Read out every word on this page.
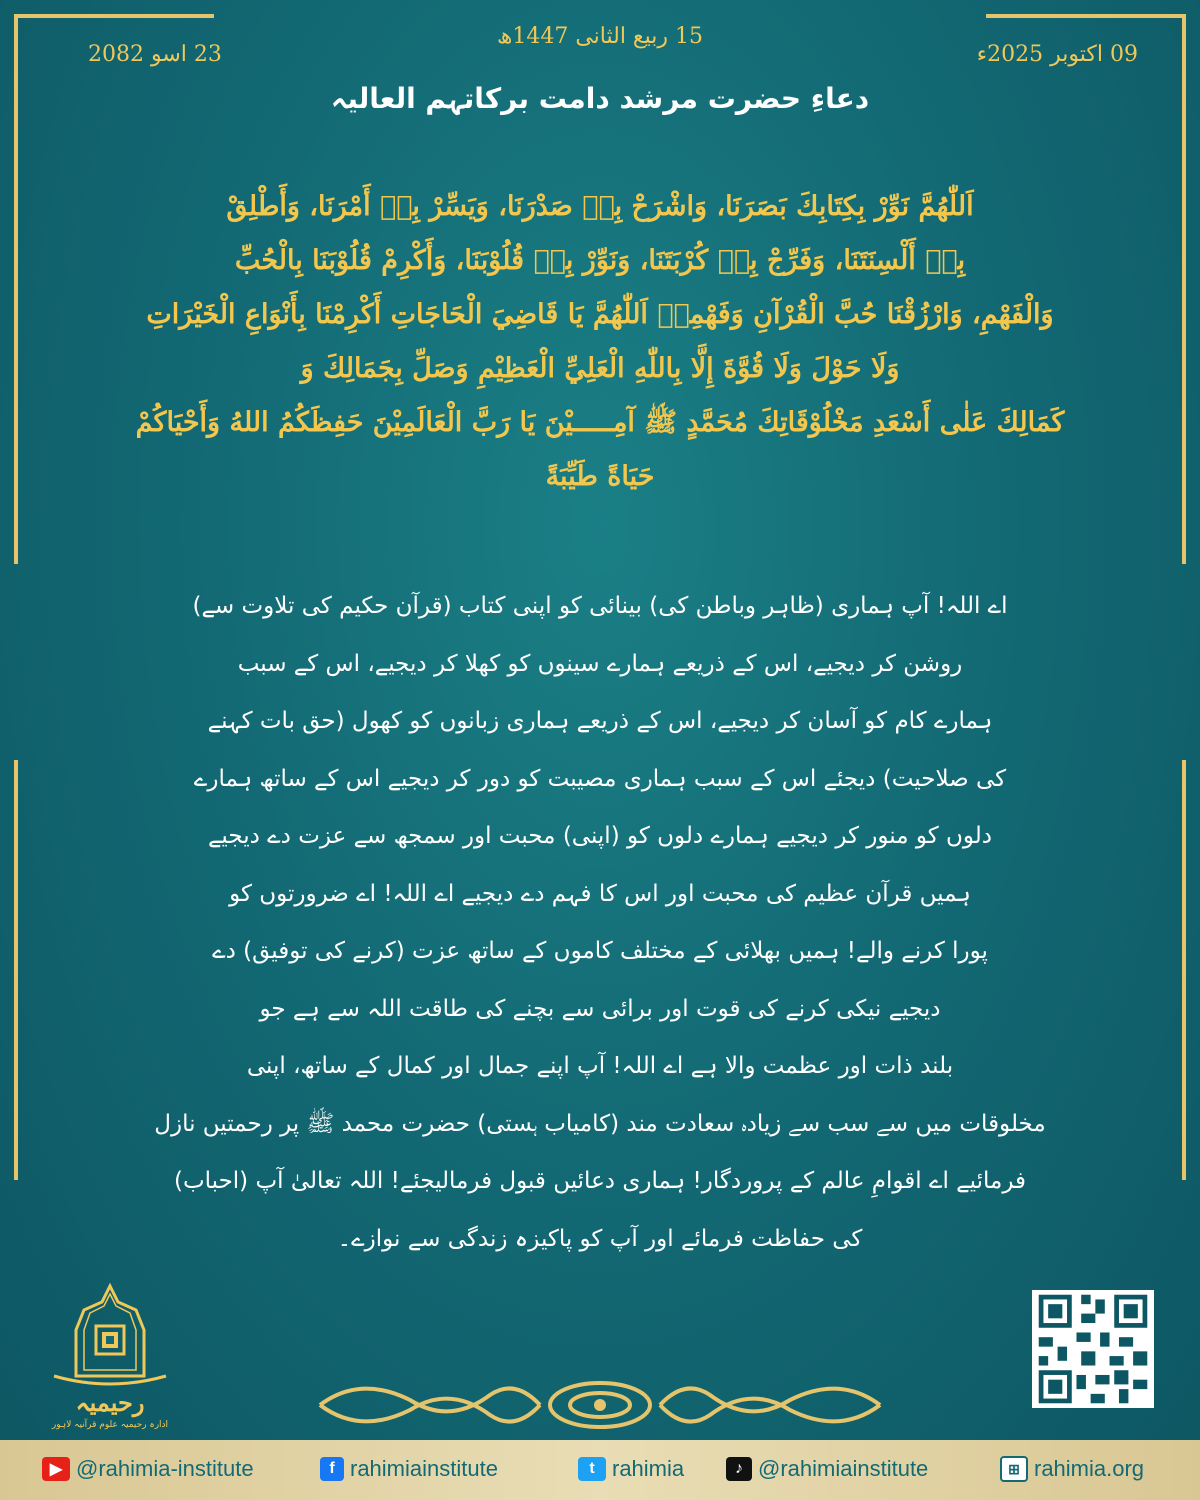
15 ربیع الثانی 1447ھ
23 اسو 2082	09 اکتوبر 2025ء
دعاءِ حضرت مرشد دامت برکاتہم العالیہ
اَللّٰهُمَّ نَوِّرْ بِكِتَابِكَ بَصَرَنَا، وَاشْرَحْ بِهٖ صَدْرَنَا، وَيَسِّرْ بِهٖ أَمْرَنَا، وَأَطْلِقْ
بِهٖ أَلْسِنَتَنَا، وَفَرِّجْ بِهٖ كُرْبَتَنَا، وَنَوِّرْ بِهٖ قُلُوْبَنَا، وَأَكْرِمْ قُلُوْبَنَا بِالْحُبِّ
وَالْفَهْمِ، وَارْزُقْنَا حُبَّ الْقُرْآنِ وَفَهْمِهٖ اَللّٰهُمَّ يَا قَاضِيَ الْحَاجَاتِ أَكْرِمْنَا بِأَنْوَاعِ الْخَيْرَاتِ
وَلَا حَوْلَ وَلَا قُوَّةَ إِلَّا بِاللّٰهِ الْعَلِيِّ الْعَظِيْمِ وَصَلِّ بِجَمَالِكَ وَ
كَمَالِكَ عَلٰى أَسْعَدِ مَخْلُوْقَاتِكَ مُحَمَّدٍ ﷺ آمِـــــيْنَ يَا رَبَّ الْعَالَمِيْنَ حَفِظَكُمُ اللهُ وَأَحْيَاكُمْ
حَيَاةً طَيِّبَةً
اے اللہ! آپ ہماری (ظاہر وباطن کی) بینائی کو اپنی کتاب (قرآن حکیم کی تلاوت سے)
روشن کر دیجیے، اس کے ذریعے ہمارے سینوں کو کھلا کر دیجیے، اس کے سبب
ہمارے کام کو آسان کر دیجیے، اس کے ذریعے ہماری زبانوں کو کھول (حق بات کہنے
کی صلاحیت) دیجئے اس کے سبب ہماری مصیبت کو دور کر دیجیے اس کے ساتھ ہمارے
دلوں کو منور کر دیجیے ہمارے دلوں کو (اپنی) محبت اور سمجھ سے عزت دے دیجیے
ہمیں قرآن عظیم کی محبت اور اس کا فہم دے دیجیے اے اللہ! اے ضرورتوں کو
پورا کرنے والے! ہمیں بھلائی کے مختلف کاموں کے ساتھ عزت (کرنے کی توفیق) دے
دیجیے نیکی کرنے کی قوت اور برائی سے بچنے کی طاقت اللہ سے ہے جو
بلند ذات اور عظمت والا ہے اے اللہ! آپ اپنے جمال اور کمال کے ساتھ، اپنی
مخلوقات میں سے سب سے زیادہ سعادت مند (کامیاب ہستی) حضرت محمد ﷺ پر رحمتیں نازل
فرمائیے اے اقوامِ عالم کے پروردگار! ہماری دعائیں قبول فرمالیجئے! اللہ تعالیٰ آپ (احباب)
کی حفاظت فرمائے اور آپ کو پاکیزہ زندگی سے نوازے۔
رحیمیہ
ادارہ رحیمیہ علوم قرآنیہ لاہور
▶ @rahimia-institute	f rahimiainstitute	t rahimia	♪ @rahimiainstitute	⊞ rahimia.org
